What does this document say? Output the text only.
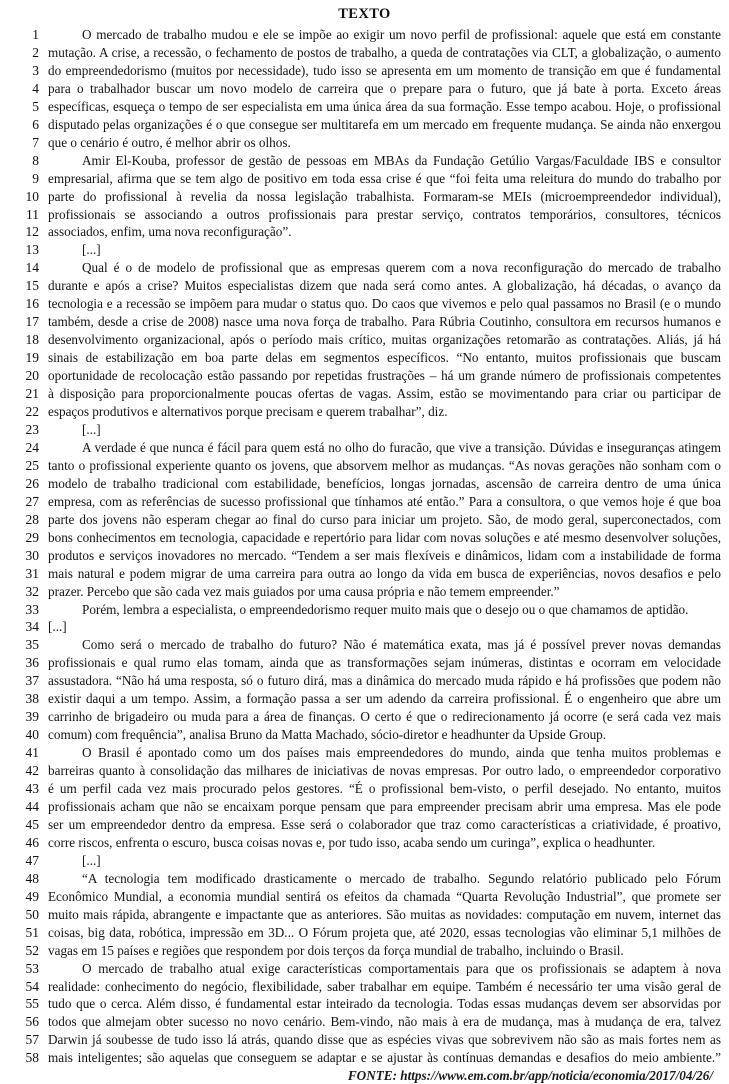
TEXTO
1	O mercado de trabalho mudou e ele se impõe ao exigir um novo perfil de profissional: aquele que está em constante
2 mutação. A crise, a recessão, o fechamento de postos de trabalho, a queda de contratações via CLT, a globalização, o aumento
3 do empreendedorismo (muitos por necessidade), tudo isso se apresenta em um momento de transição em que é fundamental
4 para o trabalhador buscar um novo modelo de carreira que o prepare para o futuro, que já bate à porta. Exceto áreas
5 específicas, esqueça o tempo de ser especialista em uma única área da sua formação. Esse tempo acabou. Hoje, o profissional
6 disputado pelas organizações é o que consegue ser multitarefa em um mercado em frequente mudança. Se ainda não enxergou
7 que o cenário é outro, é melhor abrir os olhos.
8	Amir El-Kouba, professor de gestão de pessoas em MBAs da Fundação Getúlio Vargas/Faculdade IBS e consultor
9 empresarial, afirma que se tem algo de positivo em toda essa crise é que “foi feita uma releitura do mundo do trabalho por
10 parte do profissional à revelia da nossa legislação trabalhista. Formaram-se MEIs (microempreendedor individual),
11 profissionais se associando a outros profissionais para prestar serviço, contratos temporários, consultores, técnicos
12 associados, enfim, uma nova reconfiguração”.
13	[...]
14	Qual é o de modelo de profissional que as empresas querem com a nova reconfiguração do mercado de trabalho
15 durante e após a crise? Muitos especialistas dizem que nada será como antes. A globalização, há décadas, o avanço da
16 tecnologia e a recessão se impõem para mudar o status quo. Do caos que vivemos e pelo qual passamos no Brasil (e o mundo
17 também, desde a crise de 2008) nasce uma nova força de trabalho. Para Rúbria Coutinho, consultora em recursos humanos e
18 desenvolvimento organizacional, após o período mais crítico, muitas organizações retomarão as contratações. Aliás, já há
19 sinais de estabilização em boa parte delas em segmentos específicos. “No entanto, muitos profissionais que buscam
20 oportunidade de recolocação estão passando por repetidas frustrações – há um grande número de profissionais competentes
21 à disposição para proporcionalmente poucas ofertas de vagas. Assim, estão se movimentando para criar ou participar de
22 espaços produtivos e alternativos porque precisam e querem trabalhar”, diz.
23	[...]
24	A verdade é que nunca é fácil para quem está no olho do furacão, que vive a transição. Dúvidas e inseguranças atingem
25 tanto o profissional experiente quanto os jovens, que absorvem melhor as mudanças. “As novas gerações não sonham com o
26 modelo de trabalho tradicional com estabilidade, benefícios, longas jornadas, ascensão de carreira dentro de uma única
27 empresa, com as referências de sucesso profissional que tínhamos até então.” Para a consultora, o que vemos hoje é que boa
28 parte dos jovens não esperam chegar ao final do curso para iniciar um projeto. São, de modo geral, superconectados, com
29 bons conhecimentos em tecnologia, capacidade e repertório para lidar com novas soluções e até mesmo desenvolver soluções,
30 produtos e serviços inovadores no mercado. “Tendem a ser mais flexíveis e dinâmicos, lidam com a instabilidade de forma
31 mais natural e podem migrar de uma carreira para outra ao longo da vida em busca de experiências, novos desafios e pelo
32 prazer. Percebo que são cada vez mais guiados por uma causa própria e não temem empreender.”
33	Porém, lembra a especialista, o empreendedorismo requer muito mais que o desejo ou o que chamamos de aptidão.
34 [...]
35	Como será o mercado de trabalho do futuro? Não é matemática exata, mas já é possível prever novas demandas
36 profissionais e qual rumo elas tomam, ainda que as transformações sejam inúmeras, distintas e ocorram em velocidade
37 assustadora. “Não há uma resposta, só o futuro dirá, mas a dinâmica do mercado muda rápido e há profissões que podem não
38 existir daqui a um tempo. Assim, a formação passa a ser um adendo da carreira profissional. É o engenheiro que abre um
39 carrinho de brigadeiro ou muda para a área de finanças. O certo é que o redirecionamento já ocorre (e será cada vez mais
40 comum) com frequência”, analisa Bruno da Matta Machado, sócio-diretor e headhunter da Upside Group.
41	O Brasil é apontado como um dos países mais empreendedores do mundo, ainda que tenha muitos problemas e
42 barreiras quanto à consolidação das milhares de iniciativas de novas empresas. Por outro lado, o empreendedor corporativo
43 é um perfil cada vez mais procurado pelos gestores. “É o profissional bem-visto, o perfil desejado. No entanto, muitos
44 profissionais acham que não se encaixam porque pensam que para empreender precisam abrir uma empresa. Mas ele pode
45 ser um empreendedor dentro da empresa. Esse será o colaborador que traz como características a criatividade, é proativo,
46 corre riscos, enfrenta o escuro, busca coisas novas e, por tudo isso, acaba sendo um curinga”, explica o headhunter.
47	[...]
48	“A tecnologia tem modificado drasticamente o mercado de trabalho. Segundo relatório publicado pelo Fórum
49 Econômico Mundial, a economia mundial sentirá os efeitos da chamada “Quarta Revolução Industrial”, que promete ser
50 muito mais rápida, abrangente e impactante que as anteriores. São muitas as novidades: computação em nuvem, internet das
51 coisas, big data, robótica, impressão em 3D... O Fórum projeta que, até 2020, essas tecnologias vão eliminar 5,1 milhões de
52 vagas em 15 países e regiões que respondem por dois terços da força mundial de trabalho, incluindo o Brasil.
53	O mercado de trabalho atual exige características comportamentais para que os profissionais se adaptem à nova
54 realidade: conhecimento do negócio, flexibilidade, saber trabalhar em equipe. Também é necessário ter uma visão geral de
55 tudo que o cerca. Além disso, é fundamental estar inteirado da tecnologia. Todas essas mudanças devem ser absorvidas por
56 todos que almejam obter sucesso no novo cenário. Bem-vindo, não mais à era de mudança, mas à mudança de era, talvez
57 Darwin já soubesse de tudo isso lá atrás, quando disse que as espécies vivas que sobrevivem não são as mais fortes nem as
58 mais inteligentes; são aquelas que conseguem se adaptar e se ajustar às contínuas demandas e desafios do meio ambiente.”
FONTE: https://www.em.com.br/app/noticia/economia/2017/04/26/
